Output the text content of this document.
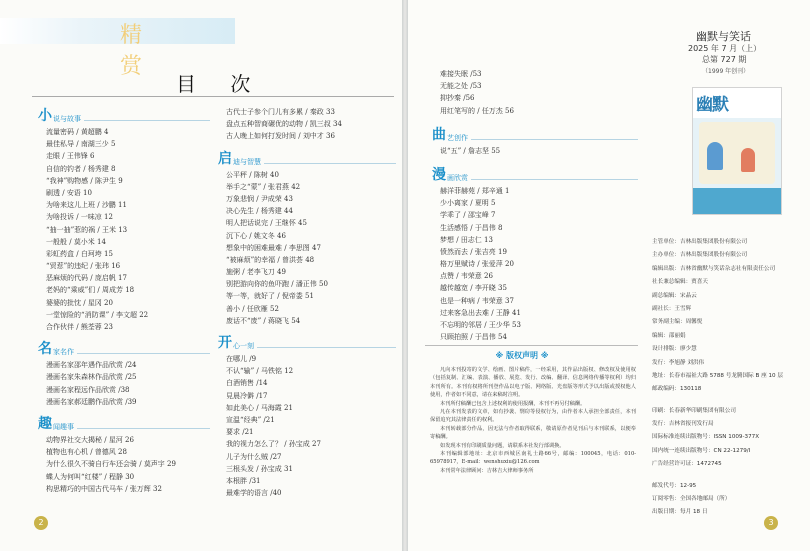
精 赏
目 次
小 说与故事
流量密码 / 黄超鹏 4
最佳私导 / 南湖三少 5
走眼 / 王伟锋 6
自信的钓者 / 杨秀建 8
“我神”购物感 / 陈尹生 9
刷透 / 安语 10
为啥来这儿上班 / 沙鹏 11
为啥投诉 / 一味凉 12
“抽一抽”惹的祸 / 王米 13
一般般 / 莫小米 14
彩虹药盒 / 白珂垮 15
“贸惹”的违纪 / 张玮 16
恶麻烦的代码 / 庞启帆 17
老妈的“乘威”们 / 周成芳 18
婆婆的批忱 / 星冈 20
一堂惊险的“消防课” / 李文超 22
合作伙伴 / 熊荃蓉 23
名 家名作
漫画名家邵年遇作品欣赏 /24
漫画名家朱森林作品欣赏 /25
漫画名家程远作品欣赏 /38
漫画名家郝廷鹏作品欣赏 /39
趣 闻趣事
动物界社交大揭秘 / 星河 26
植物也有心机 / 曾德风 28
为什么很久不骑自行车还会骑 / 莫声宇 29
蝶人为何叫“红楼” / 程静 30
构思精巧的中国古代马车 / 张万辉 32
古代士子参个门儿有多累 / 秦政 33
盘点五种智商碾优的动物 / 凯三叔 34
古人晚上如何打发时间 / 刘中才 36
启 迪与智慧
公平秤 / 陈树 40
举手之“蒙” / 张君燕 42
万象悲悯 / 尹成荣 43
决心先生 / 杨秀建 44
明人把话说完 / 王继怀 45
沉下心 / 姚文冬 46
想象中的困难最难 / 李思图 47
“被麻烦”的幸福 / 曾洪荟 48
施粥 / 老李飞刀 49
别把游向你的鱼吓跑 / 潘正伟 50
等一等，就好了 / 倪帝娄 51
善小 / 任欣雁 52
废话不“废” / 蒋晓飞 54
开 心一刻
在哪儿 /9
不认“输” / 马铁铭 12
白酒销售 /14
見晨冷僻 /17
如此美心 / 马海霞 21
宣温“经典” /21
要求 /21
我的视力怎么了？ / 孙宝成 27
儿子为什么贼 /27
三根头发 / 孙宝成 31
本根胖 /31
最难学的语言 /40
难接失眠 /53
无能之处 /53
抑抄秦 /56
用红笔写的 / 任万杰 56
曲 艺创作
说“五” / 詹志坚 55
漫 画欣赏
赫洋菲赫苑 / 郑辛通 1
少小离家 / 夏明 5
学乖了 / 邵宝峰 7
生活感悟 / 于昌伟 8
梦想 / 田志仁 13
愤然而去 / 张吉亮 19
格万里赋诗 / 张爱萍 20
点赞 / 韦荣意 26
越传越宽 / 李开晓 35
也是一种病 / 韦荣意 37
过来客急出去难 / 王静 41
不忘明的邻居 / 王少华 53
只顾拍照 / 于昌伟 54
2	3
幽默与笑话
2025 年 7 月（上）
总第 727 期
（1999 年创刊）
幽默
※ 版权声明 ※

凡向本刊投寄的文学、绘画、图片稿件，一经采用，其作品出版权、修改权及使用权（包括复制、汇编、表演、播放、展览、发行、改编、翻译、信息网络传播等权利）均归本刊所有。本刊有权将所刊登作品以电子版、网络版、光盘版等形式予以出版或授权他人使用，作者如不同意，请在来稿时注明。

本刊所付稿酬已包含上述权利的使用报酬，本刊不再另付稿酬。

凡在本刊发表的文章，如有抄袭、剽窃等侵权行为，由作者本人承担全部责任，本刊保留追究其法律责任的权利。

本刊转载部分作品，因无法与作者取得联系，敬请原作者见刊后与本刊联系，以便奉寄稿酬。

如发现本刊有印刷质量问题，请联系本社发行部调换。

本刊编辑部地址：北京市西城区南礼士路66号，邮编：100045，电话：010-65978917，E-mail：wenshuxiu@126.com

本刊常年法律顾问：吉林吉大律师事务所

主管单位：吉林出版集团股份有限公司
主办单位：吉林出版集团股份有限公司
编辑出版：吉林省幽默与笑话杂志社有限责任公司
社长兼总编辑：贾喜天
副总编辑：宋晶云
副社长：王雪辉
常务副主编：周馨悦
编辑：邵丽娟
设计排版：廖少慧
发行：李旭静 刘洪伟
地址：长春市福祉大路 5788 号龙腾国际 B 座 10 层
邮政编码：130118
印刷：长春新华印刷集团有限公司
发行：吉林省报刊发行局
国际标准连续出版物号：ISSN 1009-377X
国内统一连续出版物号：CN 22-1279/I
广告经营许可证：1472745
邮发代号：12-95
订阅零售：全国各地邮局（所）
出版日期：每月 18 日
